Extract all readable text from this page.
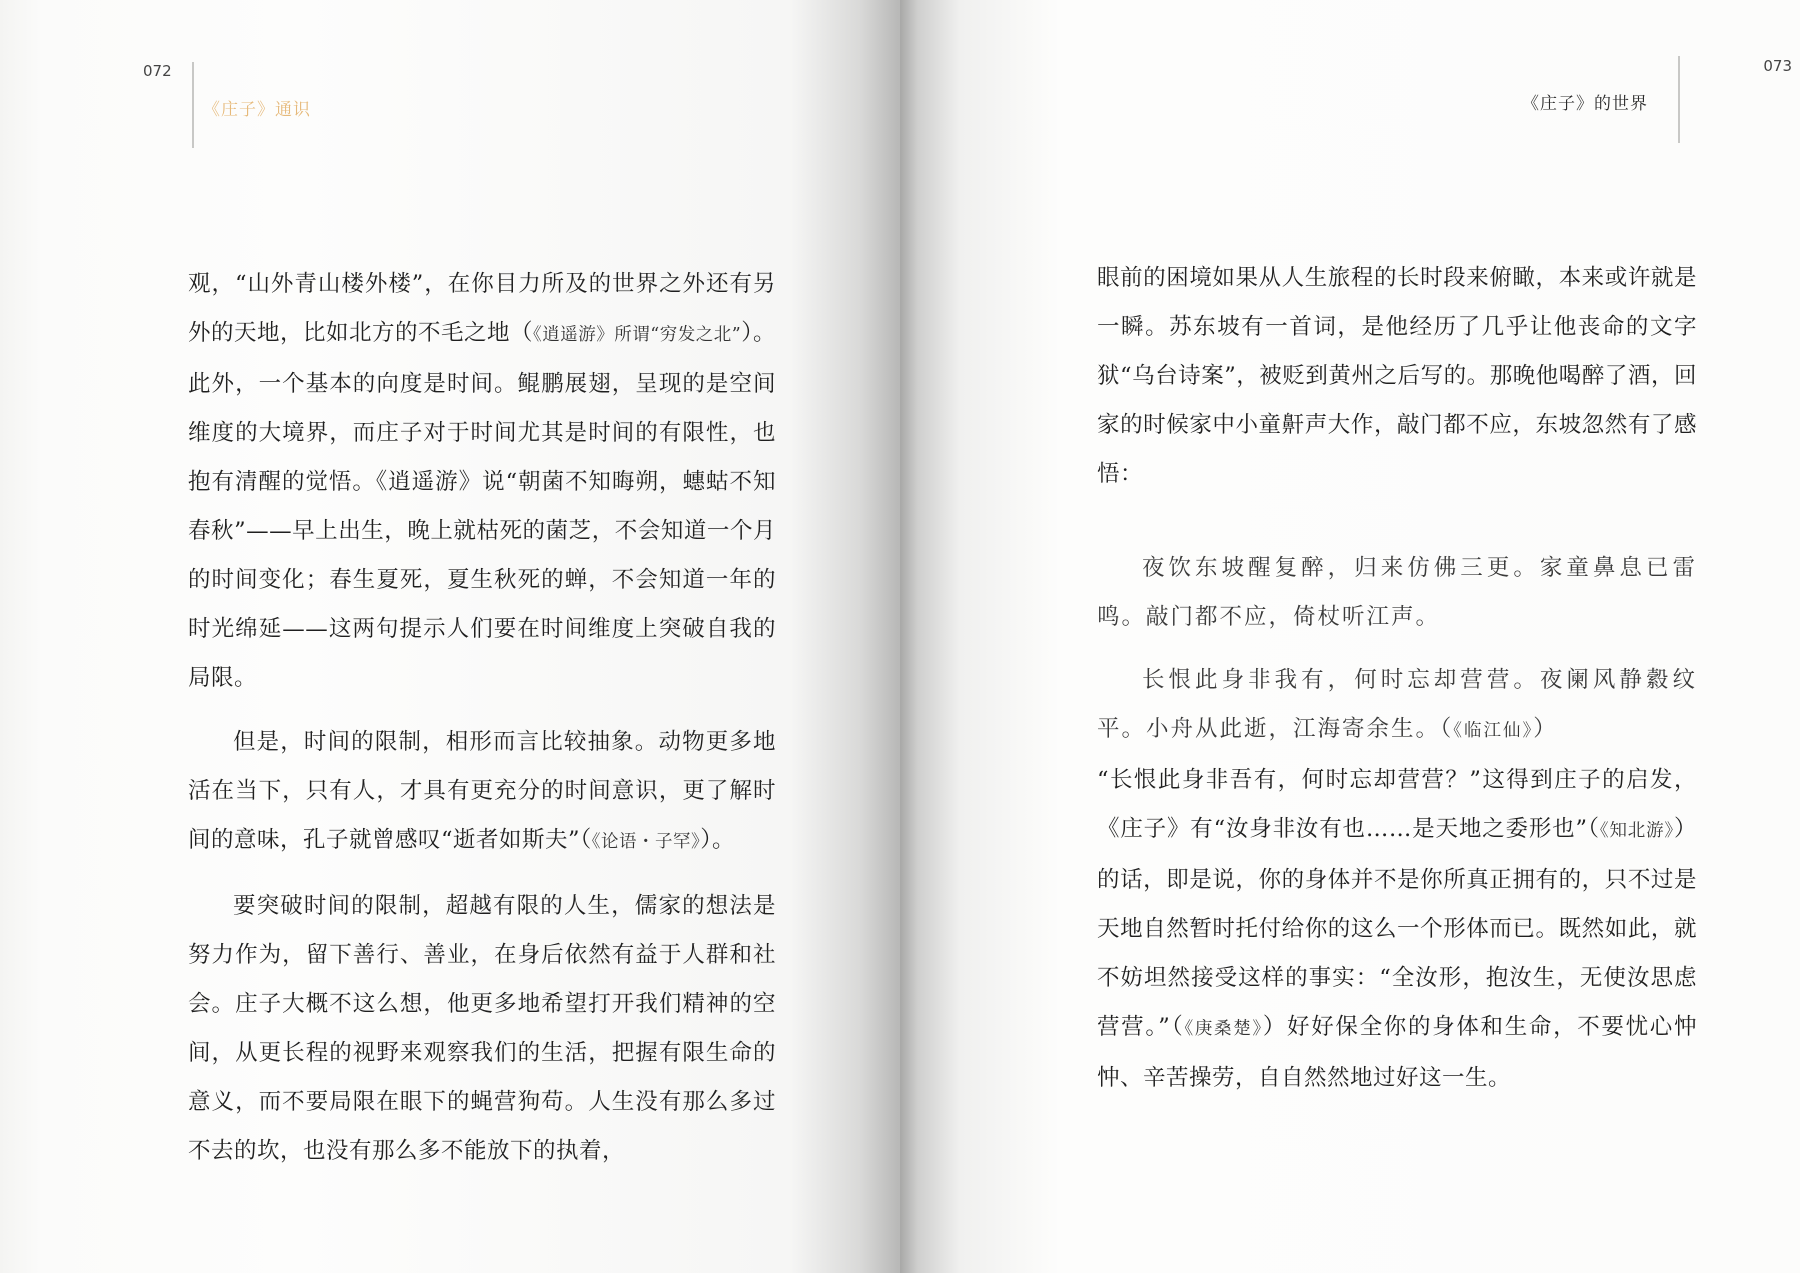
072
《庄子》通识

观，“山外青山楼外楼”，在你目力所及的世界之外还有另外的天地，比如北方的不毛之地（《逍遥游》所谓“穷发之北”）。此外，一个基本的向度是时间。鲲鹏展翅，呈现的是空间维度的大境界，而庄子对于时间尤其是时间的有限性，也抱有清醒的觉悟。《逍遥游》说“朝菌不知晦朔，蟪蛄不知春秋”——早上出生，晚上就枯死的菌芝，不会知道一个月的时间变化；春生夏死，夏生秋死的蝉，不会知道一年的时光绵延——这两句提示人们要在时间维度上突破自我的局限。

但是，时间的限制，相形而言比较抽象。动物更多地活在当下，只有人，才具有更充分的时间意识，更了解时间的意味，孔子就曾感叹“逝者如斯夫”（《论语・子罕》）。

要突破时间的限制，超越有限的人生，儒家的想法是努力作为，留下善行、善业，在身后依然有益于人群和社会。庄子大概不这么想，他更多地希望打开我们精神的空间，从更长程的视野来观察我们的生活，把握有限生命的意义，而不要局限在眼下的蝇营狗苟。人生没有那么多过不去的坎，也没有那么多不能放下的执着，

073
《庄子》的世界

眼前的困境如果从人生旅程的长时段来俯瞰，本来或许就是一瞬。苏东坡有一首词，是他经历了几乎让他丧命的文字狱“乌台诗案”，被贬到黄州之后写的。那晚他喝醉了酒，回家的时候家中小童鼾声大作，敲门都不应，东坡忽然有了感悟：

夜饮东坡醒复醉，归来仿佛三更。家童鼻息已雷鸣。敲门都不应，倚杖听江声。

长恨此身非我有，何时忘却营营。夜阑风静縠纹平。小舟从此逝，江海寄余生。（《临江仙》）

“长恨此身非吾有，何时忘却营营？”这得到庄子的启发，《庄子》有“汝身非汝有也……是天地之委形也”（《知北游》）的话，即是说，你的身体并不是你所真正拥有的，只不过是天地自然暂时托付给你的这么一个形体而已。既然如此，就不妨坦然接受这样的事实：“全汝形，抱汝生，无使汝思虑营营。”（《庚桑楚》）好好保全你的身体和生命，不要忧心忡忡、辛苦操劳，自自然然地过好这一生。
